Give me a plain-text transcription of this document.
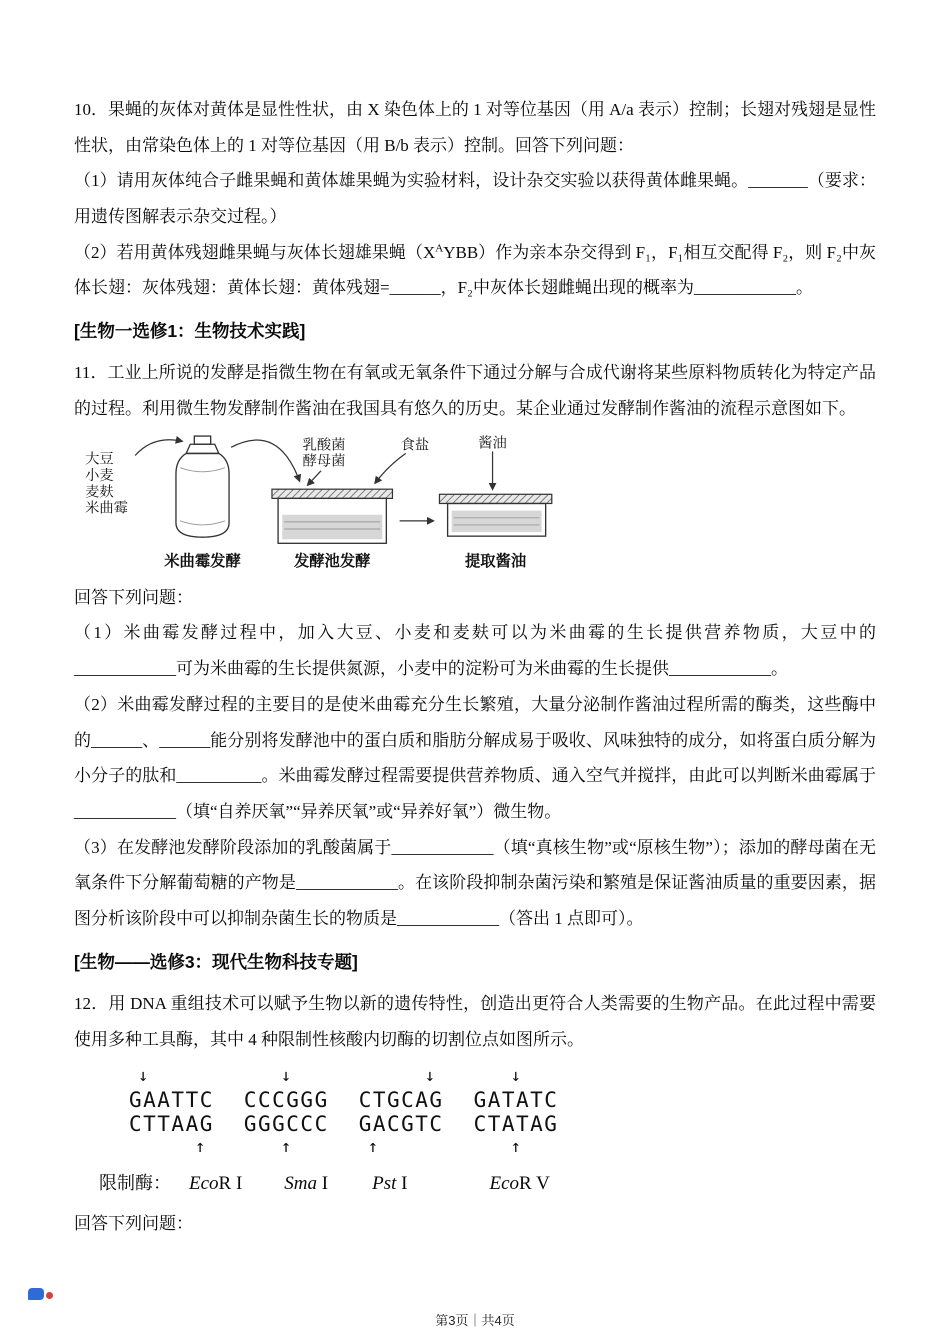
10．果蝇的灰体对黄体是显性性状，由 X 染色体上的 1 对等位基因（用 A/a 表示）控制；长翅对残翅是显性性状，由常染色体上的 1 对等位基因（用 B/b 表示）控制。回答下列问题：

（1）请用灰体纯合子雌果蝇和黄体雄果蝇为实验材料，设计杂交实验以获得黄体雌果蝇。_______（要求：用遗传图解表示杂交过程。）

（2）若用黄体残翅雌果蝇与灰体长翅雄果蝇$(X^AYBB)$作为亲本杂交得到 F₁，F₁相互交配得 F₂，则 F₂中灰体长翅：灰体残翅：黄体长翅：黄体残翅=______，F₂中灰体长翅雌蝇出现的概率为____________。

[生物一选修1：生物技术实践]

11．工业上所说的发酵是指微生物在有氧或无氧条件下通过分解与合成代谢将某些原料物质转化为特定产品的过程。利用微生物发酵制作酱油在我国具有悠久的历史。某企业通过发酵制作酱油的流程示意图如下。

大豆
小麦
麦麸
米曲霉
乳酸菌
酵母菌
食盐	酱油
米曲霉发酵	发酵池发酵	提取酱油

回答下列问题：

（1）米曲霉发酵过程中，加入大豆、小麦和麦麸可以为米曲霉的生长提供营养物质，大豆中的____________可为米曲霉的生长提供氮源，小麦中的淀粉可为米曲霉的生长提供____________。

（2）米曲霉发酵过程的主要目的是使米曲霉充分生长繁殖，大量分泌制作酱油过程所需的酶类，这些酶中的______、______能分别将发酵池中的蛋白质和脂肪分解成易于吸收、风味独特的成分，如将蛋白质分解为小分子的肽和__________。米曲霉发酵过程需要提供营养物质、通入空气并搅拌，由此可以判断米曲霉属于____________（填“自养厌氧”“异养厌氧”或“异养好氧”）微生物。

（3）在发酵池发酵阶段添加的乳酸菌属于____________（填“真核生物”或“原核生物”）；添加的酵母菌在无氧条件下分解葡萄糖的产物是____________。在该阶段抑制杂菌污染和繁殖是保证酱油质量的重要因素，据图分析该阶段中可以抑制杂菌生长的物质是____________（答出 1 点即可）。

[生物——选修3：现代生物科技专题]

12．用 DNA 重组技术可以赋予生物以新的遗传特性，创造出更符合人类需要的生物产品。在此过程中需要使用多种工具酶，其中 4 种限制性核酸内切酶的切割位点如图所示。

↓
GAATTC
CTTAAG
↑
↓
CCCGGG
GGGCCC
↑
↓
CTGCAG
GACGTC
↑
↓
GATATC
CTATAG
↑
限制酶： EcoR I Sma I Pst I	EcoR V

回答下列问题：

第3页｜共4页
